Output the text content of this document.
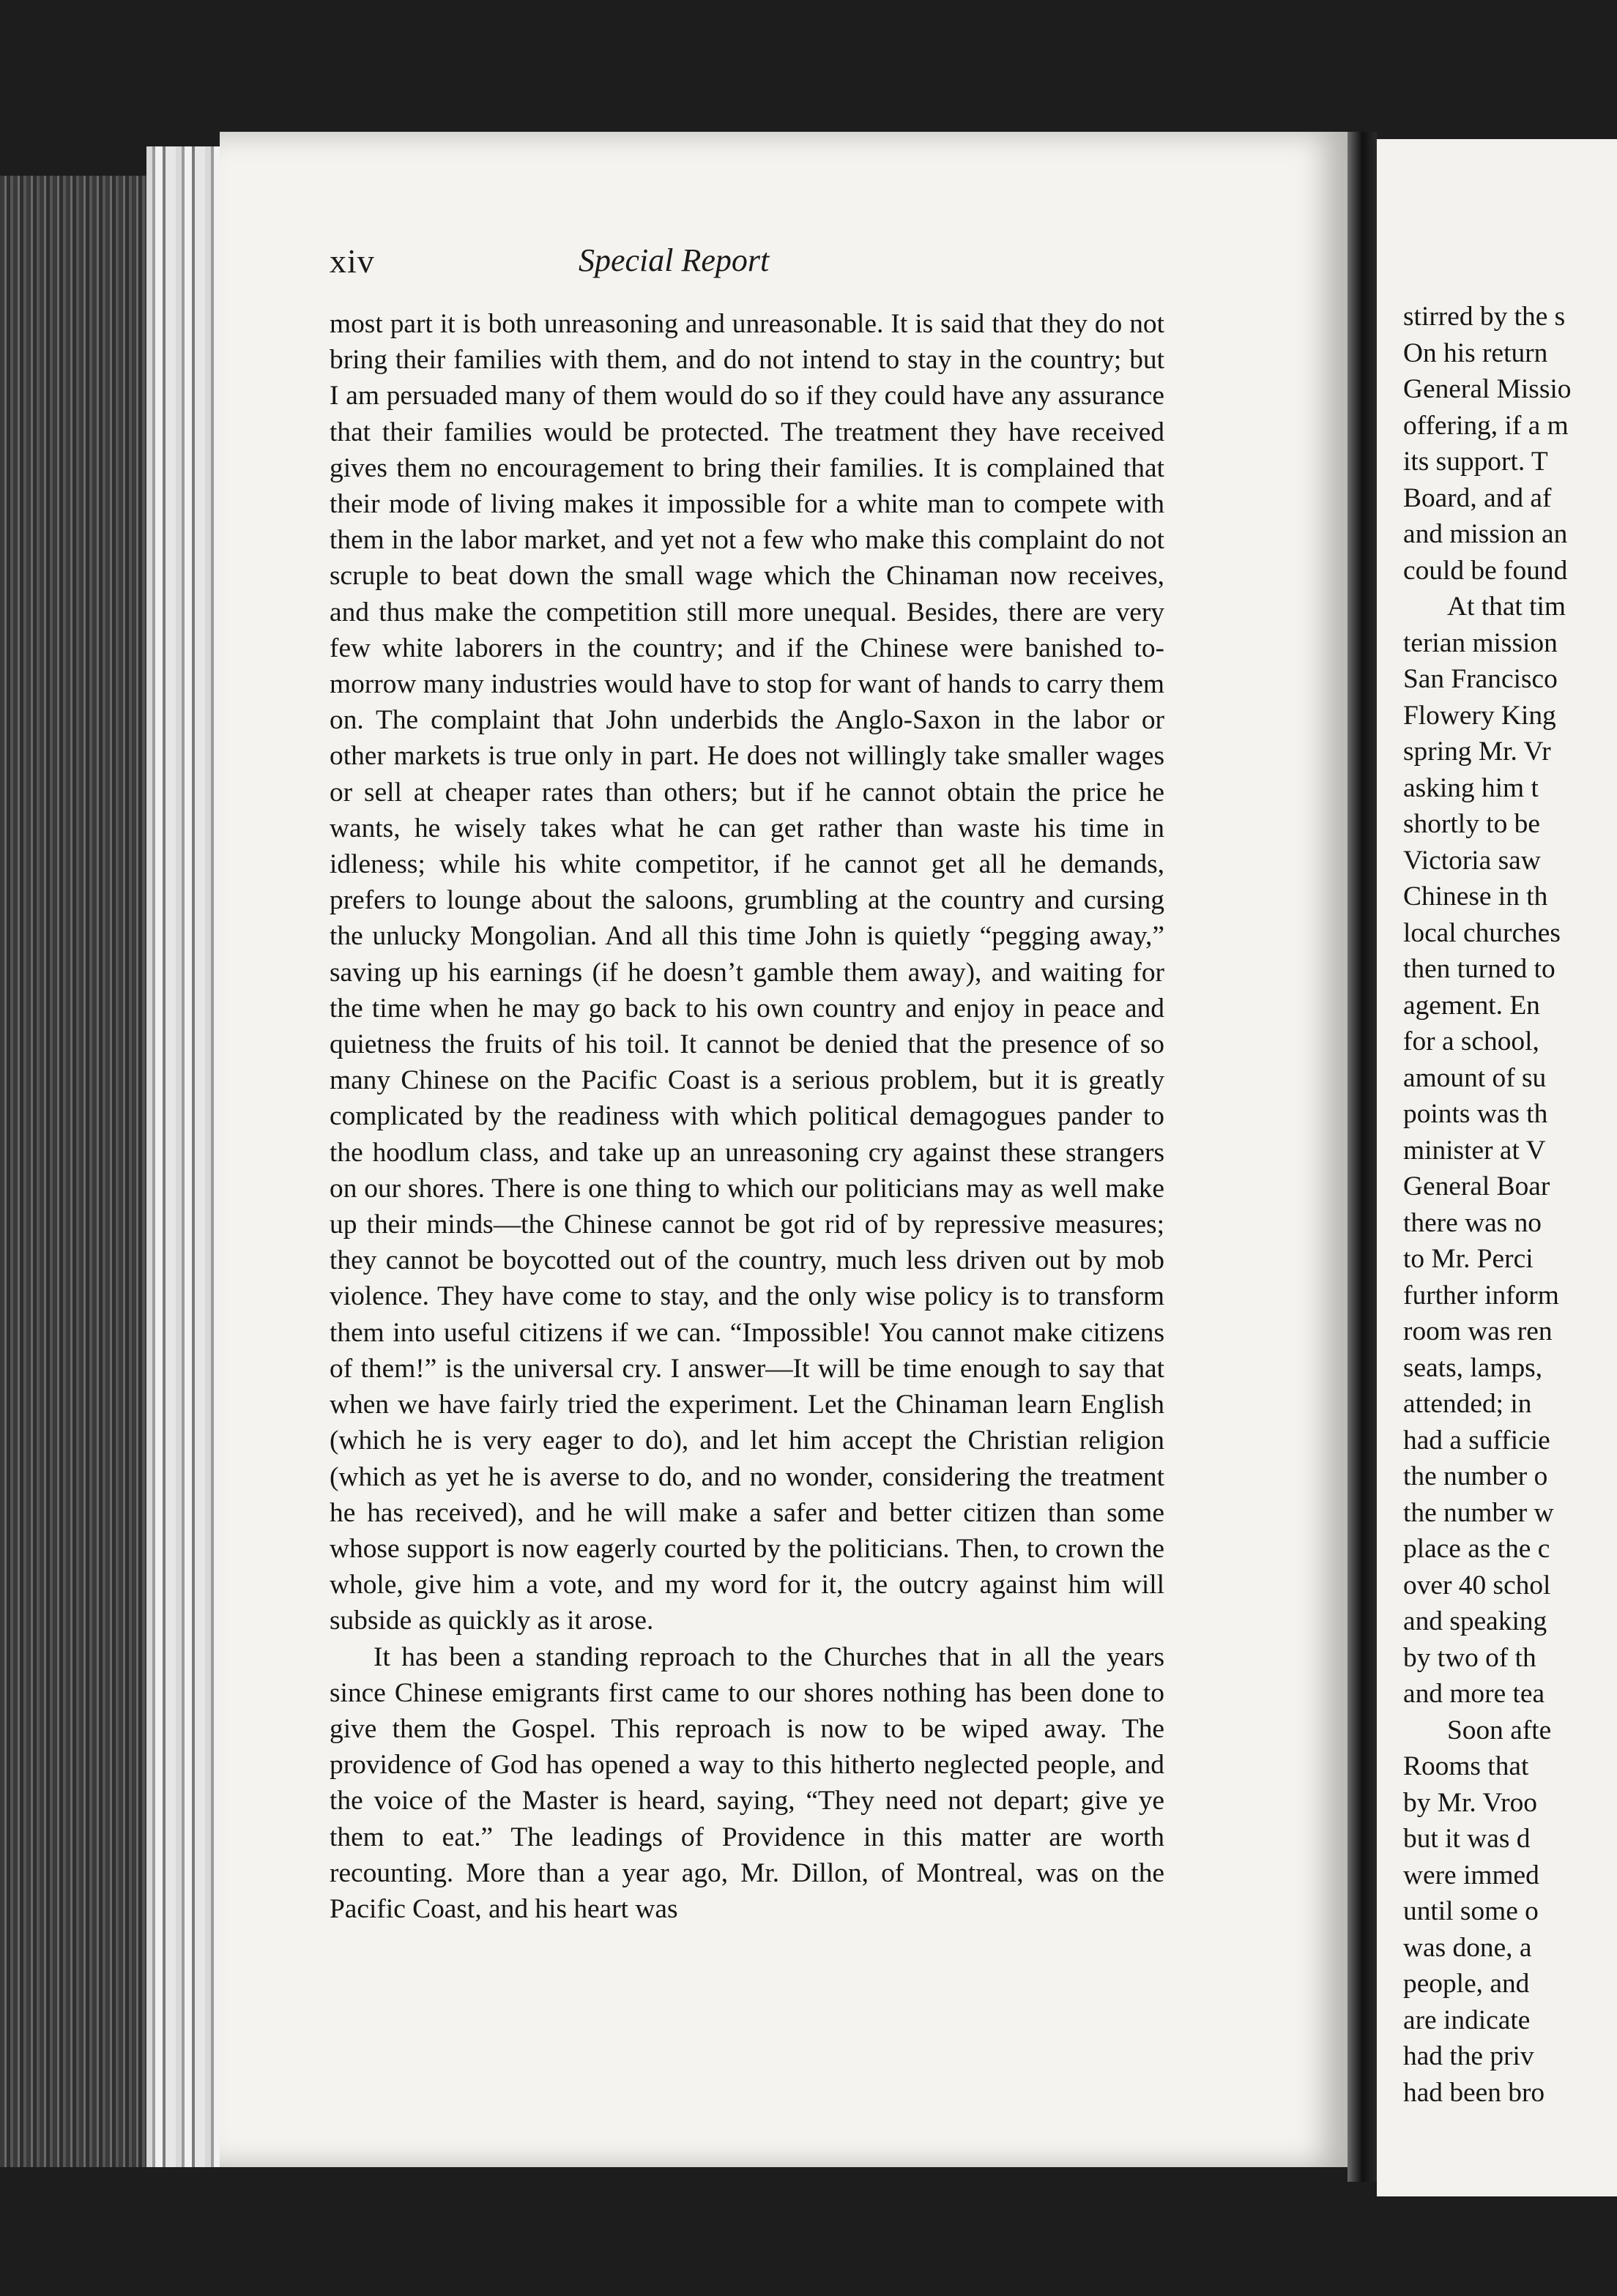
xiv	Special Report

most part it is both unreasoning and unreasonable. It is said that they do not bring their families with them, and do not intend to stay in the country; but I am persuaded many of them would do so if they could have any assurance that their families would be protected. The treatment they have received gives them no encouragement to bring their families. It is complained that their mode of living makes it impossible for a white man to compete with them in the labor market, and yet not a few who make this complaint do not scruple to beat down the small wage which the Chinaman now receives, and thus make the competition still more unequal. Besides, there are very few white laborers in the country; and if the Chinese were banished to-morrow many industries would have to stop for want of hands to carry them on. The complaint that John underbids the Anglo-Saxon in the labor or other markets is true only in part. He does not willingly take smaller wages or sell at cheaper rates than others; but if he cannot obtain the price he wants, he wisely takes what he can get rather than waste his time in idleness; while his white competitor, if he cannot get all he demands, prefers to lounge about the saloons, grumbling at the country and cursing the unlucky Mongolian. And all this time John is quietly “pegging away,” saving up his earnings (if he doesn’t gamble them away), and waiting for the time when he may go back to his own country and enjoy in peace and quietness the fruits of his toil. It cannot be denied that the presence of so many Chinese on the Pacific Coast is a serious problem, but it is greatly complicated by the readiness with which political demagogues pander to the hoodlum class, and take up an unreasoning cry against these strangers on our shores. There is one thing to which our politicians may as well make up their minds—the Chinese cannot be got rid of by repressive measures; they cannot be boycotted out of the country, much less driven out by mob violence. They have come to stay, and the only wise policy is to transform them into useful citizens if we can. “Impossible! You cannot make citizens of them!” is the universal cry. I answer—It will be time enough to say that when we have fairly tried the experiment. Let the Chinaman learn English (which he is very eager to do), and let him accept the Christian religion (which as yet he is averse to do, and no wonder, considering the treatment he has received), and he will make a safer and better citizen than some whose support is now eagerly courted by the politicians. Then, to crown the whole, give him a vote, and my word for it, the outcry against him will subside as quickly as it arose.

It has been a standing reproach to the Churches that in all the years since Chinese emigrants first came to our shores nothing has been done to give them the Gospel. This reproach is now to be wiped away. The providence of God has opened a way to this hitherto neglected people, and the voice of the Master is heard, saying, “They need not depart; give ye them to eat.” The leadings of Providence in this matter are worth recounting. More than a year ago, Mr. Dillon, of Montreal, was on the Pacific Coast, and his heart was

stirred by the s
On his return
General Missio
offering, if a m
its support. T
Board, and af
and mission an
could be found
At that tim
terian mission
San Francisco
Flowery King
spring Mr. Vr
asking him t
shortly to be
Victoria saw
Chinese in th
local churches
then turned to
agement. En
for a school,
amount of su
points was th
minister at V
General Boar
there was no
to Mr. Perci
further inform
room was ren
seats, lamps,
attended; in
had a sufficie
the number o
the number w
place as the c
over 40 schol
and speaking
by two of th
and more tea
Soon afte
Rooms that
by Mr. Vroo
but it was d
were immed
until some o
was done, a
people, and
are indicate
had the priv
had been bro
